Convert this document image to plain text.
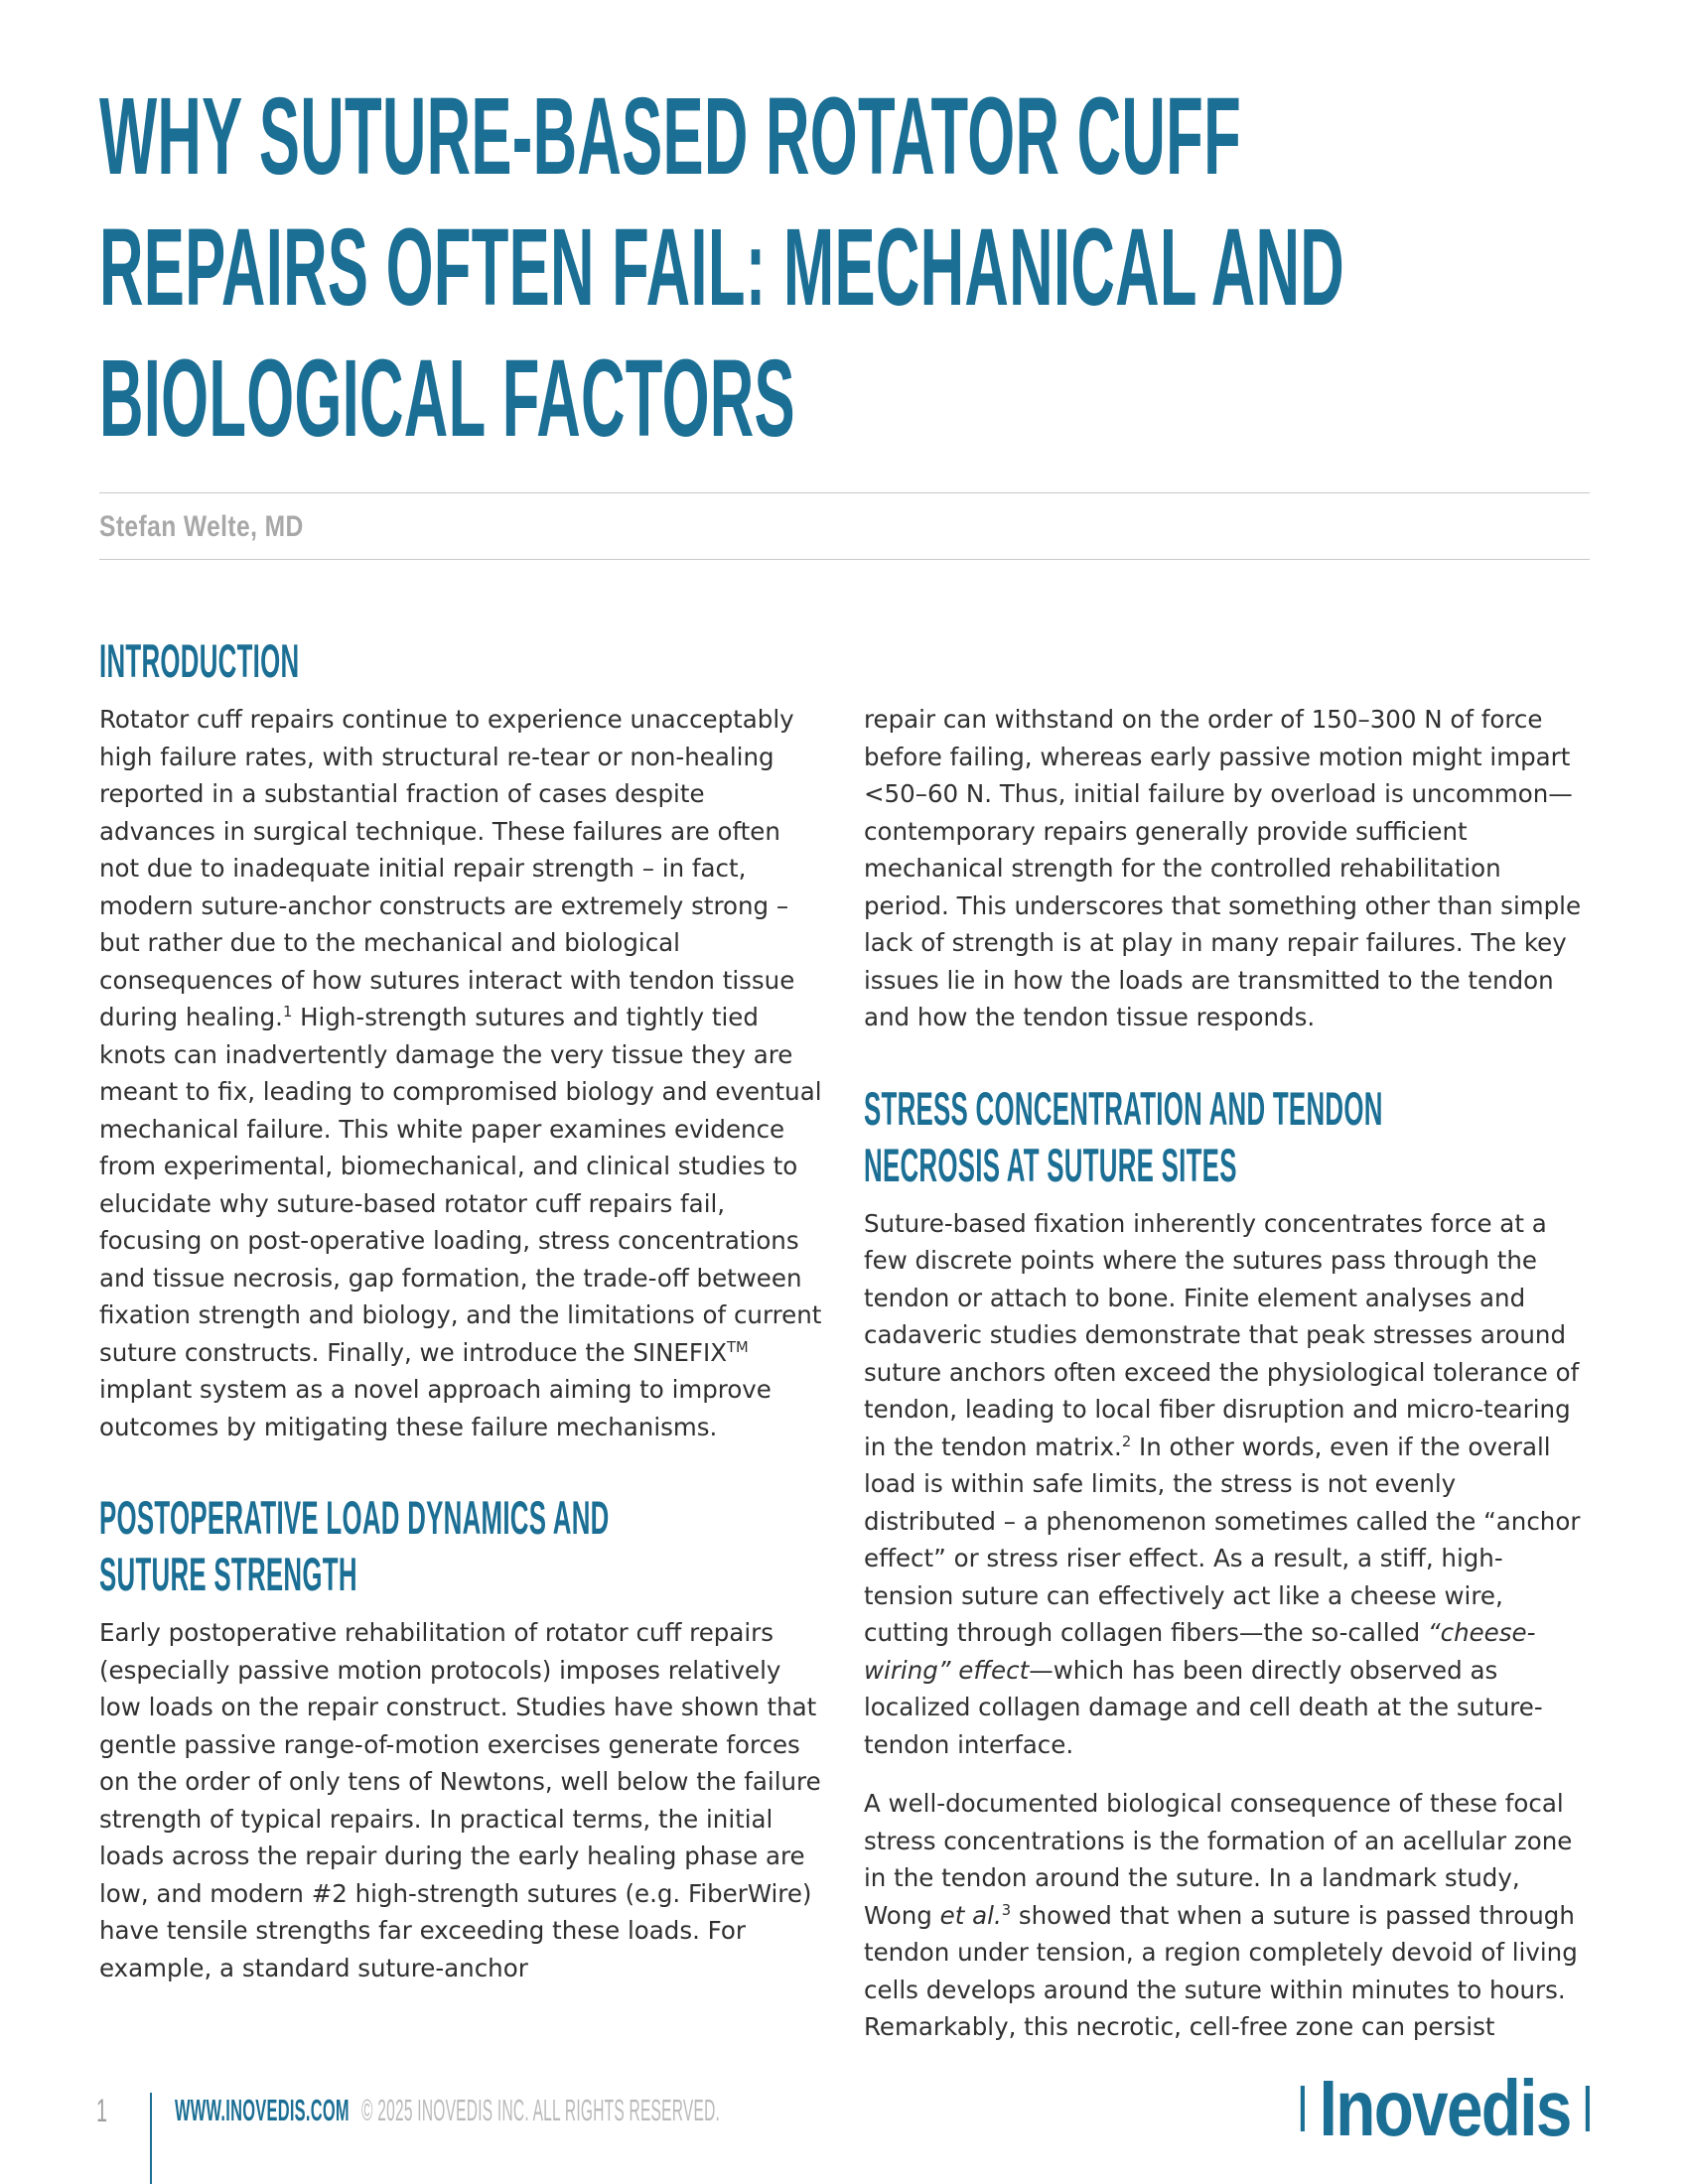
WHY SUTURE-BASED ROTATOR CUFF
REPAIRS OFTEN FAIL: MECHANICAL AND
BIOLOGICAL FACTORS
Stefan Welte, MD
INTRODUCTION

Rotator cuff repairs continue to experience unacceptably high failure rates, with structural re-tear or non-healing reported in a substantial fraction of cases despite advances in surgical technique. These failures are often not due to inadequate initial repair strength – in fact, modern suture-anchor constructs are extremely strong – but rather due to the mechanical and biological consequences of how sutures interact with tendon tissue during healing.$^1$ High-strength sutures and tightly tied knots can inadvertently damage the very tissue they are meant to fix, leading to compromised biology and eventual mechanical failure. This white paper examines evidence from experimental, biomechanical, and clinical studies to elucidate why suture-based rotator cuff repairs fail, focusing on post-operative loading, stress concentrations and tissue necrosis, gap formation, the trade-off between fixation strength and biology, and the limitations of current suture constructs. Finally, we introduce the SINEFIX™ implant system as a novel approach aiming to improve outcomes by mitigating these failure mechanisms.

POSTOPERATIVE LOAD DYNAMICS AND
SUTURE STRENGTH

Early postoperative rehabilitation of rotator cuff repairs (especially passive motion protocols) imposes relatively low loads on the repair construct. Studies have shown that gentle passive range-of-motion exercises generate forces on the order of only tens of Newtons, well below the failure strength of typical repairs. In practical terms, the initial loads across the repair during the early healing phase are low, and modern #2 high-strength sutures (e.g. FiberWire) have tensile strengths far exceeding these loads. For example, a standard suture-anchor

repair can withstand on the order of 150–300 N of force before failing, whereas early passive motion might impart <50–60 N. Thus, initial failure by overload is uncommon—contemporary repairs generally provide sufficient mechanical strength for the controlled rehabilitation period. This underscores that something other than simple lack of strength is at play in many repair failures. The key issues lie in how the loads are transmitted to the tendon and how the tendon tissue responds.

STRESS CONCENTRATION AND TENDON
NECROSIS AT SUTURE SITES

Suture-based fixation inherently concentrates force at a few discrete points where the sutures pass through the tendon or attach to bone. Finite element analyses and cadaveric studies demonstrate that peak stresses around suture anchors often exceed the physiological tolerance of tendon, leading to local fiber disruption and micro-tearing in the tendon matrix.$^2$ In other words, even if the overall load is within safe limits, the stress is not evenly distributed – a phenomenon sometimes called the “anchor effect” or stress riser effect. As a result, a stiff, high-tension suture can effectively act like a cheese wire, cutting through collagen fibers—the so-called “cheese-wiring” effect—which has been directly observed as localized collagen damage and cell death at the suture-tendon interface.

A well-documented biological consequence of these focal stress concentrations is the formation of an acellular zone in the tendon around the suture. In a landmark study, Wong et al.$^3$ showed that when a suture is passed through tendon under tension, a region completely devoid of living cells develops around the suture within minutes to hours. Remarkably, this necrotic, cell-free zone can persist

1 WWW.INOVEDIS.COM © 2025 INOVEDIS INC. ALL RIGHTS RESERVED.	Inovedis
